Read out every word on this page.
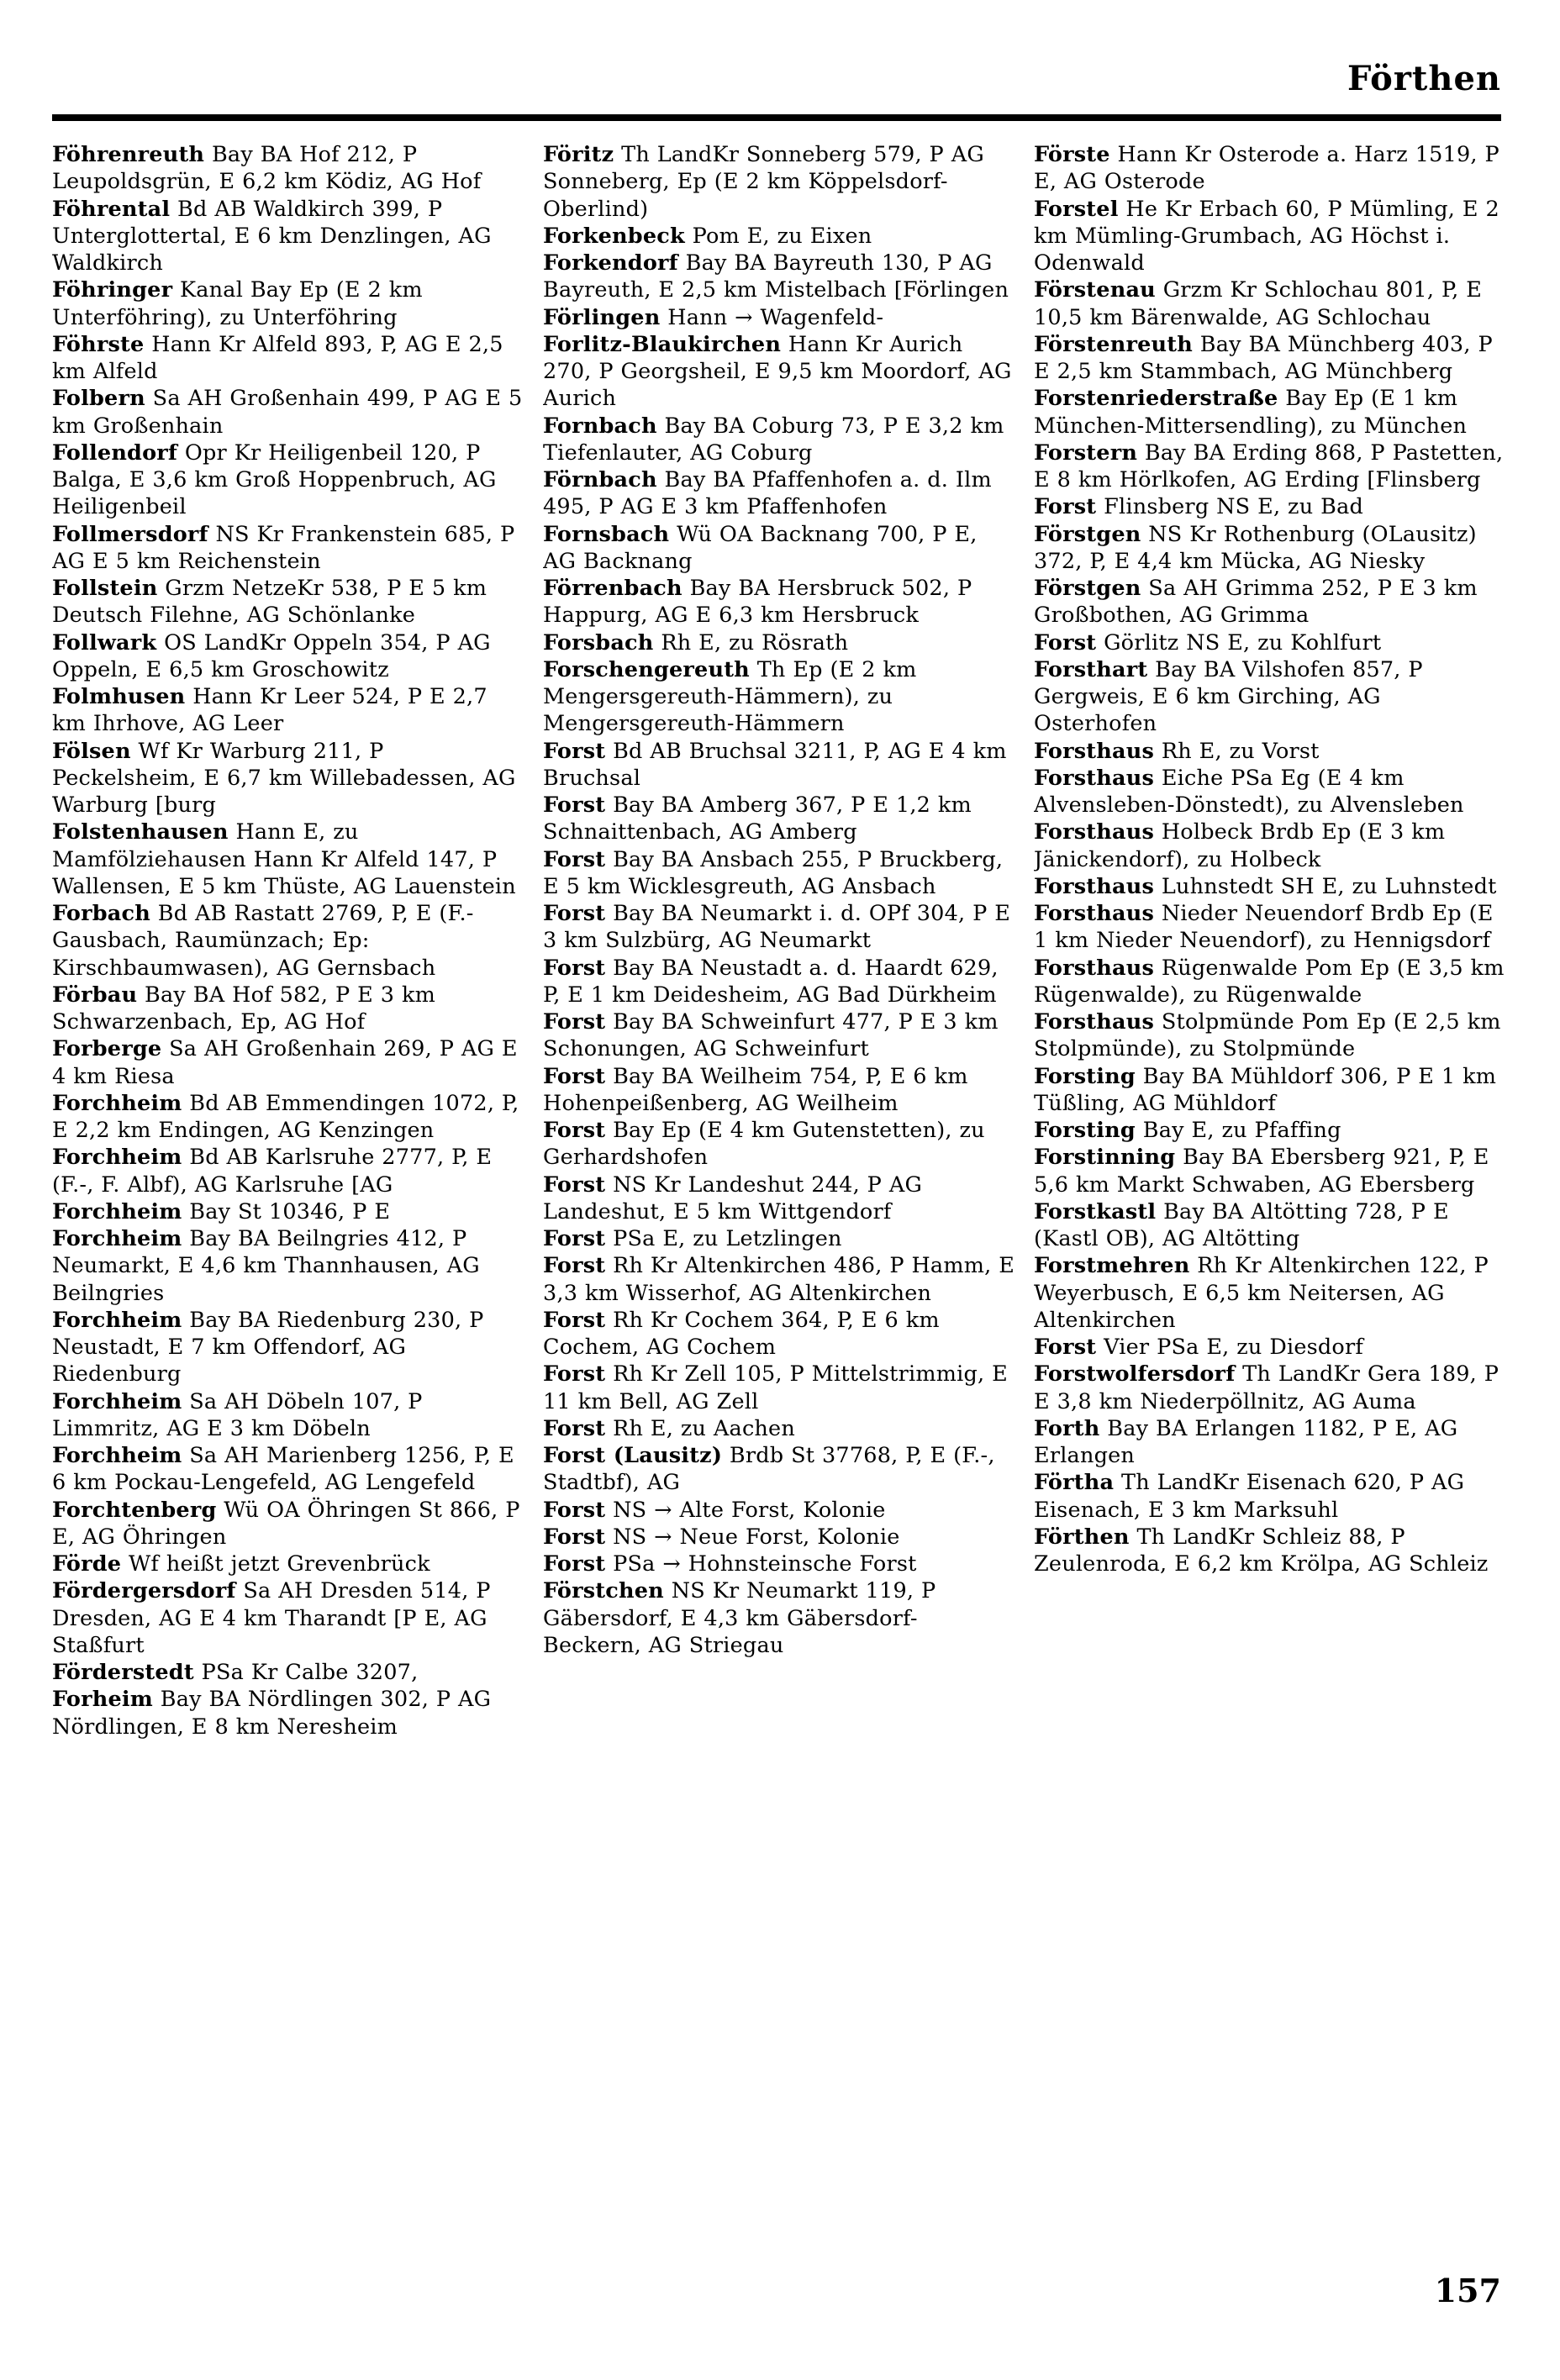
Förthen

Föhrenreuth Bay BA Hof 212, P Leupoldsgrün, E 6,2 km Ködiz, AG Hof

Föhrental Bd AB Waldkirch 399, P Unterglottertal, E 6 km Denzlingen, AG Waldkirch

Föhringer Kanal Bay Ep (E 2 km Unterföhring), zu Unterföhring

Föhrste Hann Kr Alfeld 893, P, AG E 2,5 km Alfeld

Folbern Sa AH Großenhain 499, P AG E 5 km Großenhain

Follendorf Opr Kr Heiligenbeil 120, P Balga, E 3,6 km Groß Hoppenbruch, AG Heiligenbeil

Follmersdorf NS Kr Frankenstein 685, P AG E 5 km Reichenstein

Follstein Grzm NetzeKr 538, P E 5 km Deutsch Filehne, AG Schönlanke

Follwark OS LandKr Oppeln 354, P AG Oppeln, E 6,5 km Groschowitz

Folmhusen Hann Kr Leer 524, P E 2,7 km Ihrhove, AG Leer

Fölsen Wf Kr Warburg 211, P Peckelsheim, E 6,7 km Willebadessen, AG Warburg [burg

Folstenhausen Hann E, zu Mamfölziehausen Hann Kr Alfeld 147, P Wallensen, E 5 km Thüste, AG Lauenstein

Forbach Bd AB Rastatt 2769, P, E (F.-Gausbach, Raumünzach; Ep: Kirschbaumwasen), AG Gernsbach

Förbau Bay BA Hof 582, P E 3 km Schwarzenbach, Ep, AG Hof

Forberge Sa AH Großenhain 269, P AG E 4 km Riesa

Forchheim Bd AB Emmendingen 1072, P, E 2,2 km Endingen, AG Kenzingen

Forchheim Bd AB Karlsruhe 2777, P, E (F.-, F. Albf), AG Karlsruhe [AG

Forchheim Bay St 10346, P E

Forchheim Bay BA Beilngries 412, P Neumarkt, E 4,6 km Thannhausen, AG Beilngries

Forchheim Bay BA Riedenburg 230, P Neustadt, E 7 km Offendorf, AG Riedenburg

Forchheim Sa AH Döbeln 107, P Limmritz, AG E 3 km Döbeln

Forchheim Sa AH Marienberg 1256, P, E 6 km Pockau-Lengefeld, AG Lengefeld

Forchtenberg Wü OA Öhringen St 866, P E, AG Öhringen

Förde Wf heißt jetzt Grevenbrück

Fördergersdorf Sa AH Dresden 514, P Dresden, AG E 4 km Tharandt [P E, AG Staßfurt

Förderstedt PSa Kr Calbe 3207,

Forheim Bay BA Nördlingen 302, P AG Nördlingen, E 8 km Neresheim

Föritz Th LandKr Sonneberg 579, P AG Sonneberg, Ep (E 2 km Köppelsdorf-Oberlind)

Forkenbeck Pom E, zu Eixen

Forkendorf Bay BA Bayreuth 130, P AG Bayreuth, E 2,5 km Mistelbach [Förlingen

Förlingen Hann → Wagenfeld-

Forlitz-Blaukirchen Hann Kr Aurich 270, P Georgsheil, E 9,5 km Moordorf, AG Aurich

Fornbach Bay BA Coburg 73, P E 3,2 km Tiefenlauter, AG Coburg

Förnbach Bay BA Pfaffenhofen a. d. Ilm 495, P AG E 3 km Pfaffenhofen

Fornsbach Wü OA Backnang 700, P E, AG Backnang

Förrenbach Bay BA Hersbruck 502, P Happurg, AG E 6,3 km Hersbruck

Forsbach Rh E, zu Rösrath

Forschengereuth Th Ep (E 2 km Mengersgereuth-Hämmern), zu Mengersgereuth-Hämmern

Forst Bd AB Bruchsal 3211, P, AG E 4 km Bruchsal

Forst Bay BA Amberg 367, P E 1,2 km Schnaittenbach, AG Amberg

Forst Bay BA Ansbach 255, P Bruckberg, E 5 km Wicklesgreuth, AG Ansbach

Forst Bay BA Neumarkt i. d. OPf 304, P E 3 km Sulzbürg, AG Neumarkt

Forst Bay BA Neustadt a. d. Haardt 629, P, E 1 km Deidesheim, AG Bad Dürkheim

Forst Bay BA Schweinfurt 477, P E 3 km Schonungen, AG Schweinfurt

Forst Bay BA Weilheim 754, P, E 6 km Hohenpeißenberg, AG Weilheim

Forst Bay Ep (E 4 km Gutenstetten), zu Gerhardshofen

Forst NS Kr Landeshut 244, P AG Landeshut, E 5 km Wittgendorf

Forst PSa E, zu Letzlingen

Forst Rh Kr Altenkirchen 486, P Hamm, E 3,3 km Wisserhof, AG Altenkirchen

Forst Rh Kr Cochem 364, P, E 6 km Cochem, AG Cochem

Forst Rh Kr Zell 105, P Mittelstrimmig, E 11 km Bell, AG Zell

Forst Rh E, zu Aachen

Forst (Lausitz) Brdb St 37768, P, E (F.-, Stadtbf), AG

Forst NS → Alte Forst, Kolonie

Forst NS → Neue Forst, Kolonie

Forst PSa → Hohnsteinsche Forst

Förstchen NS Kr Neumarkt 119, P Gäbersdorf, E 4,3 km Gäbersdorf-Beckern, AG Striegau

Förste Hann Kr Osterode a. Harz 1519, P E, AG Osterode

Forstel He Kr Erbach 60, P Mümling, E 2 km Mümling-Grumbach, AG Höchst i. Odenwald

Förstenau Grzm Kr Schlochau 801, P, E 10,5 km Bärenwalde, AG Schlochau

Förstenreuth Bay BA Münchberg 403, P E 2,5 km Stammbach, AG Münchberg

Forstenriederstraße Bay Ep (E 1 km München-Mittersendling), zu München

Forstern Bay BA Erding 868, P Pastetten, E 8 km Hörlkofen, AG Erding [Flinsberg

Forst Flinsberg NS E, zu Bad

Förstgen NS Kr Rothenburg (OLausitz) 372, P, E 4,4 km Mücka, AG Niesky

Förstgen Sa AH Grimma 252, P E 3 km Großbothen, AG Grimma

Forst Görlitz NS E, zu Kohlfurt

Forsthart Bay BA Vilshofen 857, P Gergweis, E 6 km Girching, AG Osterhofen

Forsthaus Rh E, zu Vorst

Forsthaus Eiche PSa Eg (E 4 km Alvensleben-Dönstedt), zu Alvensleben

Forsthaus Holbeck Brdb Ep (E 3 km Jänickendorf), zu Holbeck

Forsthaus Luhnstedt SH E, zu Luhnstedt

Forsthaus Nieder Neuendorf Brdb Ep (E 1 km Nieder Neuendorf), zu Hennigsdorf

Forsthaus Rügenwalde Pom Ep (E 3,5 km Rügenwalde), zu Rügenwalde

Forsthaus Stolpmünde Pom Ep (E 2,5 km Stolpmünde), zu Stolpmünde

Forsting Bay BA Mühldorf 306, P E 1 km Tüßling, AG Mühldorf

Forsting Bay E, zu Pfaffing

Forstinning Bay BA Ebersberg 921, P, E 5,6 km Markt Schwaben, AG Ebersberg

Forstkastl Bay BA Altötting 728, P E (Kastl OB), AG Altötting

Forstmehren Rh Kr Altenkirchen 122, P Weyerbusch, E 6,5 km Neitersen, AG Altenkirchen

Forst Vier PSa E, zu Diesdorf

Forstwolfersdorf Th LandKr Gera 189, P E 3,8 km Niederpöllnitz, AG Auma

Forth Bay BA Erlangen 1182, P E, AG Erlangen

Förtha Th LandKr Eisenach 620, P AG Eisenach, E 3 km Marksuhl

Förthen Th LandKr Schleiz 88, P Zeulenroda, E 6,2 km Krölpa, AG Schleiz

157
